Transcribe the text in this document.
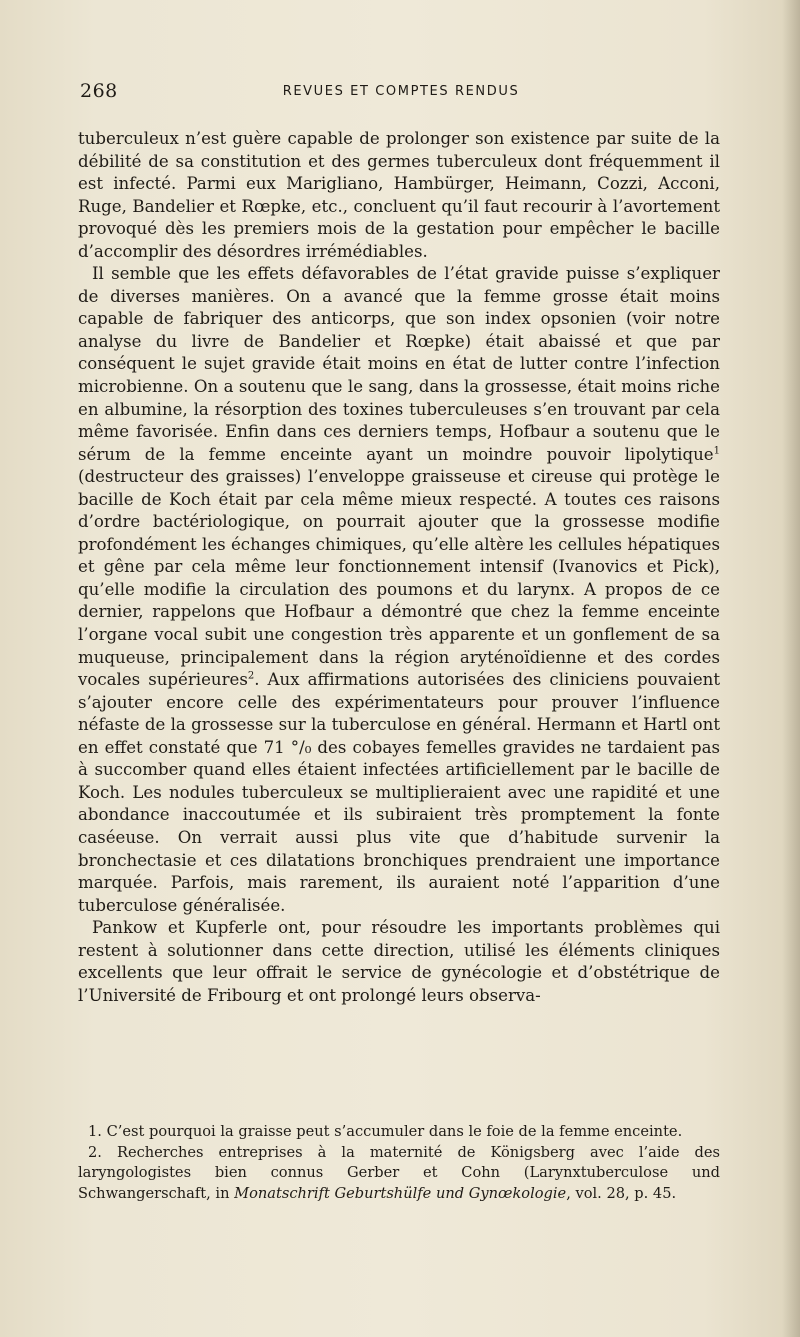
268	REVUES ET COMPTES RENDUS

tuberculeux n’est guère capable de prolonger son existence par suite de la débilité de sa constitution et des germes tuberculeux dont fréquemment il est infecté. Parmi eux Marigliano, Hambürger, Heimann, Cozzi, Acconi, Ruge, Bandelier et Rœpke, etc., concluent qu’il faut recourir à l’avortement provoqué dès les premiers mois de la gestation pour empêcher le bacille d’accomplir des désordres irrémédiables.

Il semble que les effets défavorables de l’état gravide puisse s’expliquer de diverses manières. On a avancé que la femme grosse était moins capable de fabriquer des anticorps, que son index opsonien (voir notre analyse du livre de Bandelier et Rœpke) était abaissé et que par conséquent le sujet gravide était moins en état de lutter contre l’infection microbienne. On a soutenu que le sang, dans la grossesse, était moins riche en albumine, la résorption des toxines tuberculeuses s’en trouvant par cela même favorisée. Enfin dans ces derniers temps, Hofbaur a soutenu que le sérum de la femme enceinte ayant un moindre pouvoir lipolytique$^1$ (destructeur des graisses) l’enveloppe graisseuse et cireuse qui protège le bacille de Koch était par cela même mieux respecté. A toutes ces raisons d’ordre bactériologique, on pourrait ajouter que la grossesse modifie profondément les échanges chimiques, qu’elle altère les cellules hépatiques et gêne par cela même leur fonctionnement intensif (Ivanovics et Pick), qu’elle modifie la circulation des poumons et du larynx. A propos de ce dernier, rappelons que Hofbaur a démontré que chez la femme enceinte l’organe vocal subit une congestion très apparente et un gonflement de sa muqueuse, principalement dans la région aryténoïdienne et des cordes vocales supérieures$^2$. Aux affirmations autorisées des cliniciens pouvaient s’ajouter encore celle des expérimentateurs pour prouver l’influence néfaste de la grossesse sur la tuberculose en général. Hermann et Hartl ont en effet constaté que 71 °/₀ des cobayes femelles gravides ne tardaient pas à succomber quand elles étaient infectées artificiellement par le bacille de Koch. Les nodules tuberculeux se multiplieraient avec une rapidité et une abondance inaccoutumée et ils subiraient très promptement la fonte caséeuse. On verrait aussi plus vite que d’habitude survenir la bronchectasie et ces dilatations bronchiques prendraient une importance marquée. Parfois, mais rarement, ils auraient noté l’apparition d’une tuberculose généralisée.

Pankow et Kupferle ont, pour résoudre les importants problèmes qui restent à solutionner dans cette direction, utilisé les éléments cliniques excellents que leur offrait le service de gynécologie et d’obstétrique de l’Université de Fribourg et ont prolongé leurs observa-

1. C’est pourquoi la graisse peut s’accumuler dans le foie de la femme enceinte.

2. Recherches entreprises à la maternité de Königsberg avec l’aide des laryngologistes bien connus Gerber et Cohn (Larynxtuberculose und Schwangerschaft, in Monatschrift Geburtshülfe und Gynœkologie, vol. 28, p. 45.
